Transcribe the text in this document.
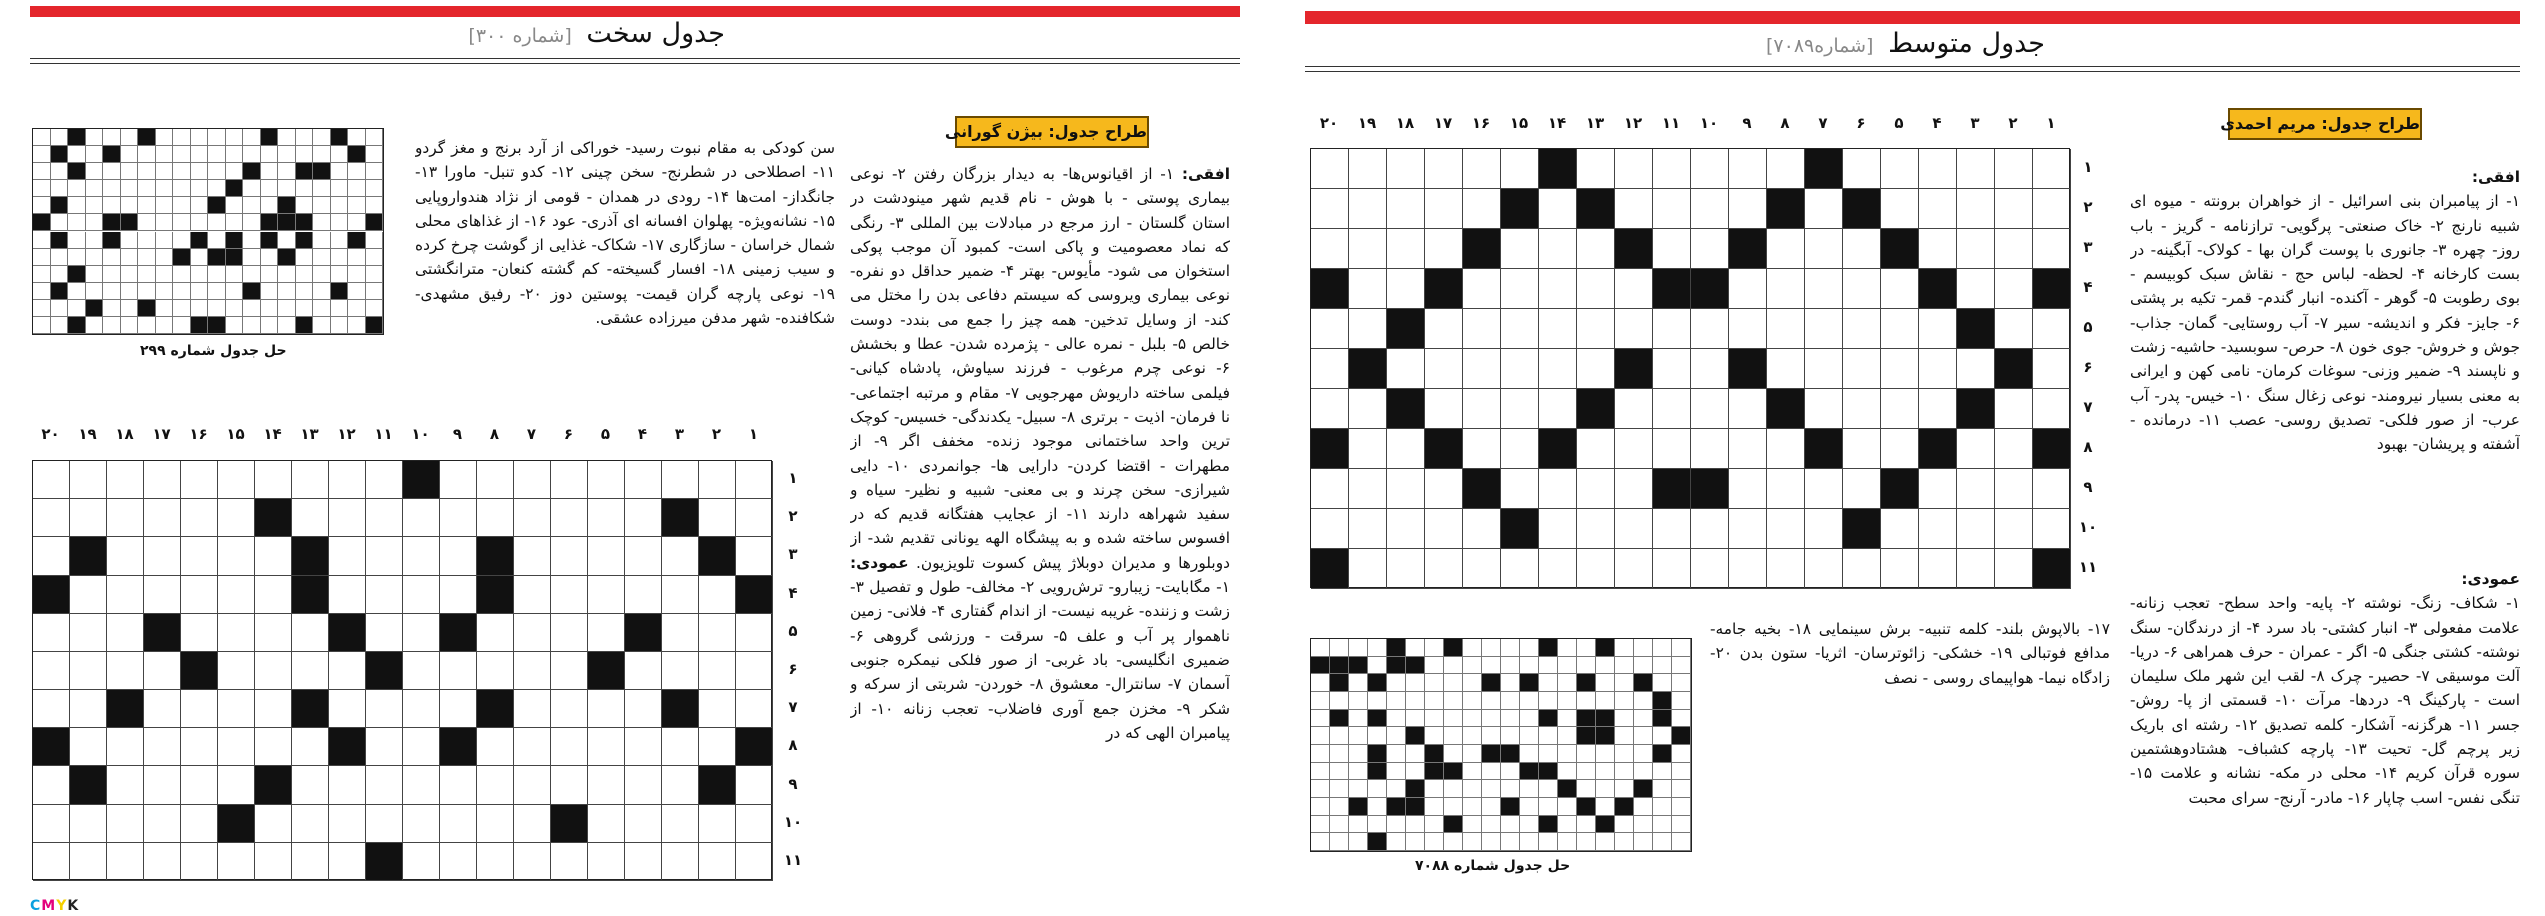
جدول سخت [شماره ۳۰۰]
طراح جدول: بیژن گورانی
سن کودکی به مقام نبوت رسید- خوراکی از آرد برنج و مغز گردو ۱۱- اصطلاحی در شطرنج- سخن چینی ۱۲- کدو تنبل- ماورا ۱۳- جانگداز- امت‌ها ۱۴- رودی در همدان - قومی از نژاد هندواروپایی ۱۵- نشانه‌ویژه- پهلوان افسانه ای آذری- عود ۱۶- از غذاهای محلی شمال خراسان - سازگاری ۱۷- شکاک- غذایی از گوشت چرخ کرده و سیب زمینی ۱۸- افسار گسیخته- کم گشته کنعان- مترانگشتی ۱۹- نوعی پارچه گران قیمت- پوستین دوز ۲۰- رفیق مشهدی- شکافنده- شهر مدفن میرزاده عشقی.
افقی: ۱- از اقیانوس‌ها- به دیدار بزرگان رفتن ۲- نوعی بیماری پوستی - با هوش - نام قدیم شهر مینودشت در استان گلستان - ارز مرجع در مبادلات بین المللی ۳- رنگی که نماد معصومیت و پاکی است- کمبود آن موجب پوکی استخوان می شود- مأیوس- بهتر ۴- ضمیر حداقل دو نفره- نوعی بیماری ویروسی که سیستم دفاعی بدن را مختل می کند- از وسایل تدخین- همه چیز را جمع می بندد- دوست خالص ۵- بلبل - نمره عالی - پژمرده شدن- عطا و بخشش ۶- نوعی چرم مرغوب - فرزند سیاوش، پادشاه کیانی- فیلمی ساخته داریوش مهرجویی ۷- مقام و مرتبه اجتماعی- نا فرمان- اذیت - برتری ۸- سبیل- یکدندگی- خسیس- کوچک ترین واحد ساختمانی موجود زنده- مخفف اگر ۹- از مطهرات - اقتضا کردن- دارایی ها- جوانمردی ۱۰- دایی شیرازی- سخن چرند و بی معنی- شبیه و نظیر- سیاه و سفید شهراهه دارند ۱۱- از عجایب هفتگانه قدیم که در افسوس ساخته شده و به پیشگاه الهه یونانی تقدیم شد- از دوبلورها و مدیران دوبلاژ پیش کسوت تلویزیون. عمودی: ۱- مگابایت- زیبارو- ترش‌رویی ۲- مخالف- طول و تفصیل ۳- زشت و زننده- غریبه نیست- از اندام گفتاری ۴- فلانی- زمین ناهموار پر آب و علف ۵- سرقت - ورزشی گروهی ۶- ضمیری انگلیسی- باد غربی- از صور فلکی نیمکره جنوبی آسمان ۷- سانترال- معشوق ۸- خوردن- شربتی از سرکه و شکر ۹- مخزن جمع آوری فاضلاب- تعجب زنانه ۱۰- از پیامبران الهی که در
حل جدول شماره ۲۹۹
۱
۲
۳
۴
۵
۶
۷
۸
۹
۱۰
۱۱
۱۲
۱۳
۱۴
۱۵
۱۶
۱۷
۱۸
۱۹
۲۰
۱
۲
۳
۴
۵
۶
۷
۸
۹
۱۰
۱۱
CMYK
جدول متوسط [شماره۷۰۸۹]
طراح جدول: مریم احمدی
افقی:
۱- از پیامبران بنی اسرائیل - از خواهران برونته - میوه ای شبیه نارنج ۲- خاک صنعتی- پرگویی- ترازنامه - گریز - باب روز- چهره ۳- جانوری با پوست گران بها - کولاک- آبگینه- در بست کارخانه ۴- لحظه- لباس حج - نقاش سبک کوبیسم - بوی رطوبت ۵- گوهر - آکنده- انبار گندم- قمر- تکیه بر پشتی ۶- جایز- فکر و اندیشه- سیر ۷- آب روستایی- گمان- جذاب- جوش و خروش- جوی خون ۸- حرص- سوبسید- حاشیه- زشت و ناپسند ۹- ضمیر وزنی- سوغات کرمان- نامی کهن و ایرانی به معنی بسیار نیرومند- نوعی زغال سنگ ۱۰- خیس- پدر- آب عرب- از صور فلکی- تصدیق روسی- عصب ۱۱- درمانده - آشفته و پریشان- بهبود
عمودی:
۱- شکاف- زنگ- نوشته ۲- پایه- واحد سطح- تعجب زنانه- علامت مفعولی ۳- انبار کشتی- باد سرد ۴- از درندگان- سنگ نوشته- کشتی جنگی ۵- اگر - عمران - حرف همراهی ۶- دریا- آلت موسیقی ۷- حصیر- چرک ۸- لقب این شهر ملک سلیمان است - پارکینگ ۹- دردها- مرآت ۱۰- قسمتی از پا- روش- جسر ۱۱- هرگزنه- آشکار- کلمه تصدیق ۱۲- رشته ای باریک زیر پرچم گل- تحیت ۱۳- پارچه کشباف- هشتادوهشتمین سوره قرآن کریم ۱۴- محلی در مکه- نشانه و علامت ۱۵- تنگی نفس- اسب چاپار ۱۶- مادر- آرنج- سرای محبت
۱۷- بالاپوش بلند- کلمه تنبیه- برش سینمایی ۱۸- بخیه جامه- مدافع فوتبالی ۱۹- خشکی- زائوترسان- اثریا- ستون بدن ۲۰- زادگاه نیما- هواپیمای روسی - نصف
۱
۲
۳
۴
۵
۶
۷
۸
۹
۱۰
۱۱
۱۲
۱۳
۱۴
۱۵
۱۶
۱۷
۱۸
۱۹
۲۰
۱
۲
۳
۴
۵
۶
۷
۸
۹
۱۰
۱۱
حل جدول شماره ۷۰۸۸
